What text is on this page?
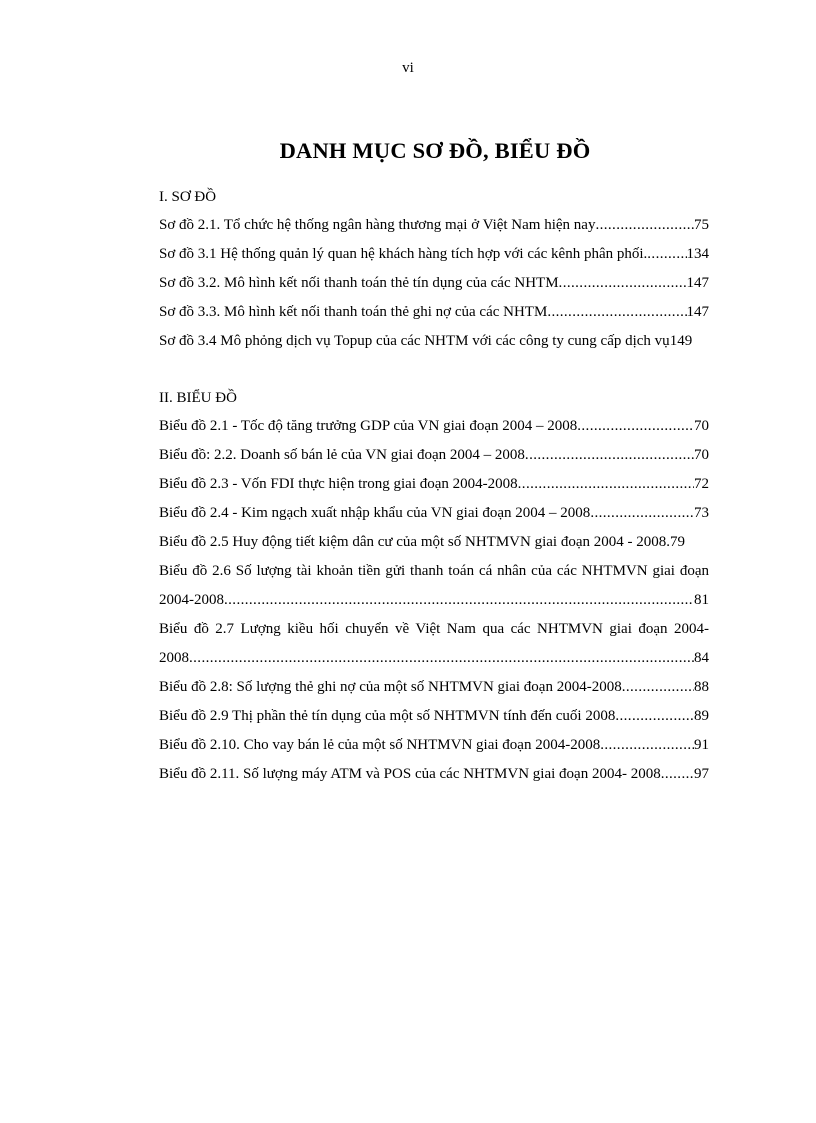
vi
DANH MỤC SƠ ĐỒ, BIỂU ĐỒ
I. SƠ ĐỒ
Sơ đồ 2.1. Tổ chức hệ thống ngân hàng thương mại ở Việt Nam hiện nay .....	75
Sơ đồ 3.1 Hệ thống quản lý quan hệ khách hàng tích hợp với các kênh phân phối. .....	134
Sơ đồ 3.2. Mô hình kết nối thanh toán thẻ tín dụng của các NHTM .....	147
Sơ đồ 3.3. Mô hình kết nối thanh toán thẻ ghi nợ của các NHTM .....	147
Sơ đồ 3.4 Mô phỏng dịch vụ Topup của các NHTM với các công ty cung cấp dịch vụ 149
II. BIỂU ĐỒ
Biểu đồ 2.1 - Tốc độ tăng trưởng GDP của VN giai đoạn 2004 – 2008 .....	70
Biểu đồ: 2.2. Doanh số bán lẻ của VN giai đoạn 2004 – 2008 .....	70
Biểu đồ 2.3 - Vốn FDI thực hiện trong giai đoạn 2004-2008 .....	72
Biểu đồ 2.4 - Kim ngạch xuất nhập khẩu của VN giai đoạn 2004 – 2008 .....	73
Biểu đồ 2.5 Huy động tiết kiệm dân cư của một số NHTMVN giai đoạn 2004 - 2008. 79
Biểu đồ 2.6 Số lượng tài khoản tiền gửi thanh toán cá nhân của các NHTMVN giai đoạn
2004-2008 .....	81
Biểu đồ 2.7 Lượng kiều hối chuyển về Việt Nam qua các NHTMVN giai đoạn 2004-
2008 .....	84
Biểu đồ 2.8: Số lượng thẻ ghi nợ của một số NHTMVN giai đoạn 2004-2008 .....	88
Biểu đồ 2.9 Thị phần thẻ tín dụng của một số NHTMVN tính đến cuối 2008 .....	89
Biểu đồ 2.10. Cho vay bán lẻ của một số NHTMVN giai đoạn 2004-2008 .....	91
Biểu đồ 2.11. Số lượng máy ATM và POS của các NHTMVN giai đoạn 2004- 2008 ..... 97
